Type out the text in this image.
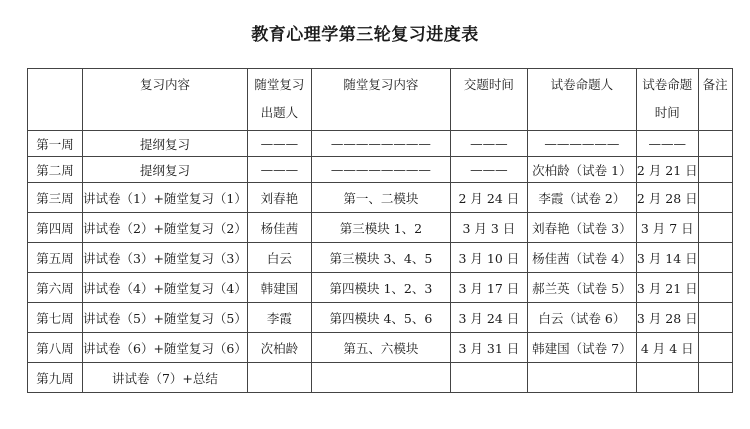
教育心理学第三轮复习进度表
	复习内容	随堂复习出题人	随堂复习内容	交题时间	试卷命题人	试卷命题时间	备注
第一周	提纲复习	———	————————	———	——————	———	
第二周	提纲复习	———	————————	———	次柏龄（试卷 1）	2 月 21 日	
第三周	讲试卷（1）+随堂复习（1）	刘春艳	第一、二模块	2 月 24 日	李霞（试卷 2）	2 月 28 日	
第四周	讲试卷（2）+随堂复习（2）	杨佳茜	第三模块 1、2	3 月 3 日	刘春艳（试卷 3）	3 月 7 日	
第五周	讲试卷（3）+随堂复习（3）	白云	第三模块 3、4、5	3 月 10 日	杨佳茜（试卷 4）	3 月 14 日	
第六周	讲试卷（4）+随堂复习（4）	韩建国	第四模块 1、2、3	3 月 17 日	郝兰英（试卷 5）	3 月 21 日	
第七周	讲试卷（5）+随堂复习（5）	李霞	第四模块 4、5、6	3 月 24 日	白云（试卷 6）	3 月 28 日	
第八周	讲试卷（6）+随堂复习（6）	次柏龄	第五、六模块	3 月 31 日	韩建国（试卷 7）	4 月 4 日	
第九周	讲试卷（7）+总结						
